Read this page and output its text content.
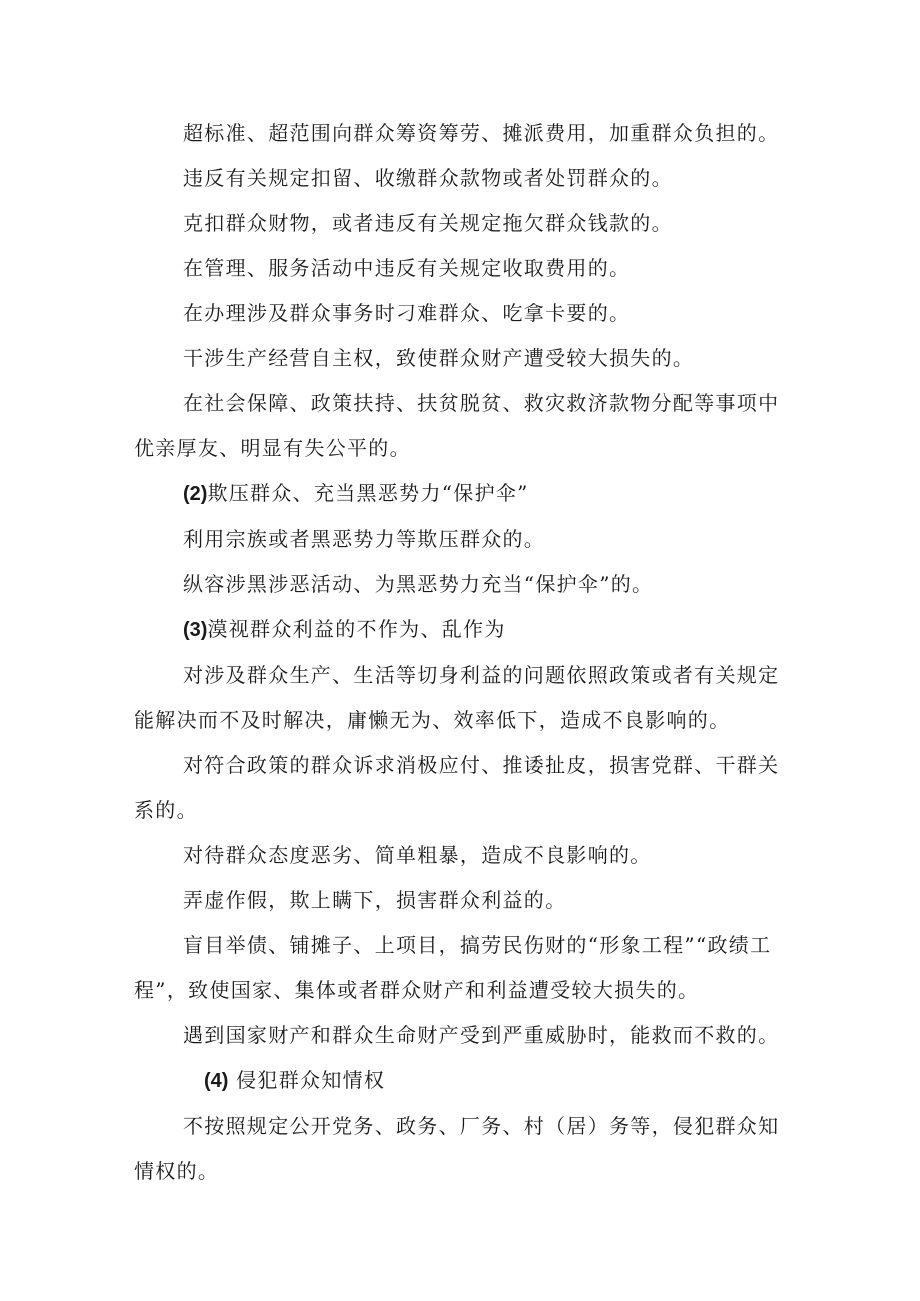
超标准、超范围向群众筹资筹劳、摊派费用，加重群众负担的。

违反有关规定扣留、收缴群众款物或者处罚群众的。

克扣群众财物，或者违反有关规定拖欠群众钱款的。

在管理、服务活动中违反有关规定收取费用的。

在办理涉及群众事务时刁难群众、吃拿卡要的。

干涉生产经营自主权，致使群众财产遭受较大损失的。

在社会保障、政策扶持、扶贫脱贫、救灾救济款物分配等事项中优亲厚友、明显有失公平的。

(2)欺压群众、充当黑恶势力“保护伞”

利用宗族或者黑恶势力等欺压群众的。

纵容涉黑涉恶活动、为黑恶势力充当“保护伞”的。

(3)漠视群众利益的不作为、乱作为

对涉及群众生产、生活等切身利益的问题依照政策或者有关规定能解决而不及时解决，庸懒无为、效率低下，造成不良影响的。

对符合政策的群众诉求消极应付、推诿扯皮，损害党群、干群关系的。

对待群众态度恶劣、简单粗暴，造成不良影响的。

弄虚作假，欺上瞒下，损害群众利益的。

盲目举债、铺摊子、上项目，搞劳民伤财的“形象工程”“政绩工程”，致使国家、集体或者群众财产和利益遭受较大损失的。

遇到国家财产和群众生命财产受到严重威胁时，能救而不救的。

(4) 侵犯群众知情权

不按照规定公开党务、政务、厂务、村（居）务等，侵犯群众知情权的。
